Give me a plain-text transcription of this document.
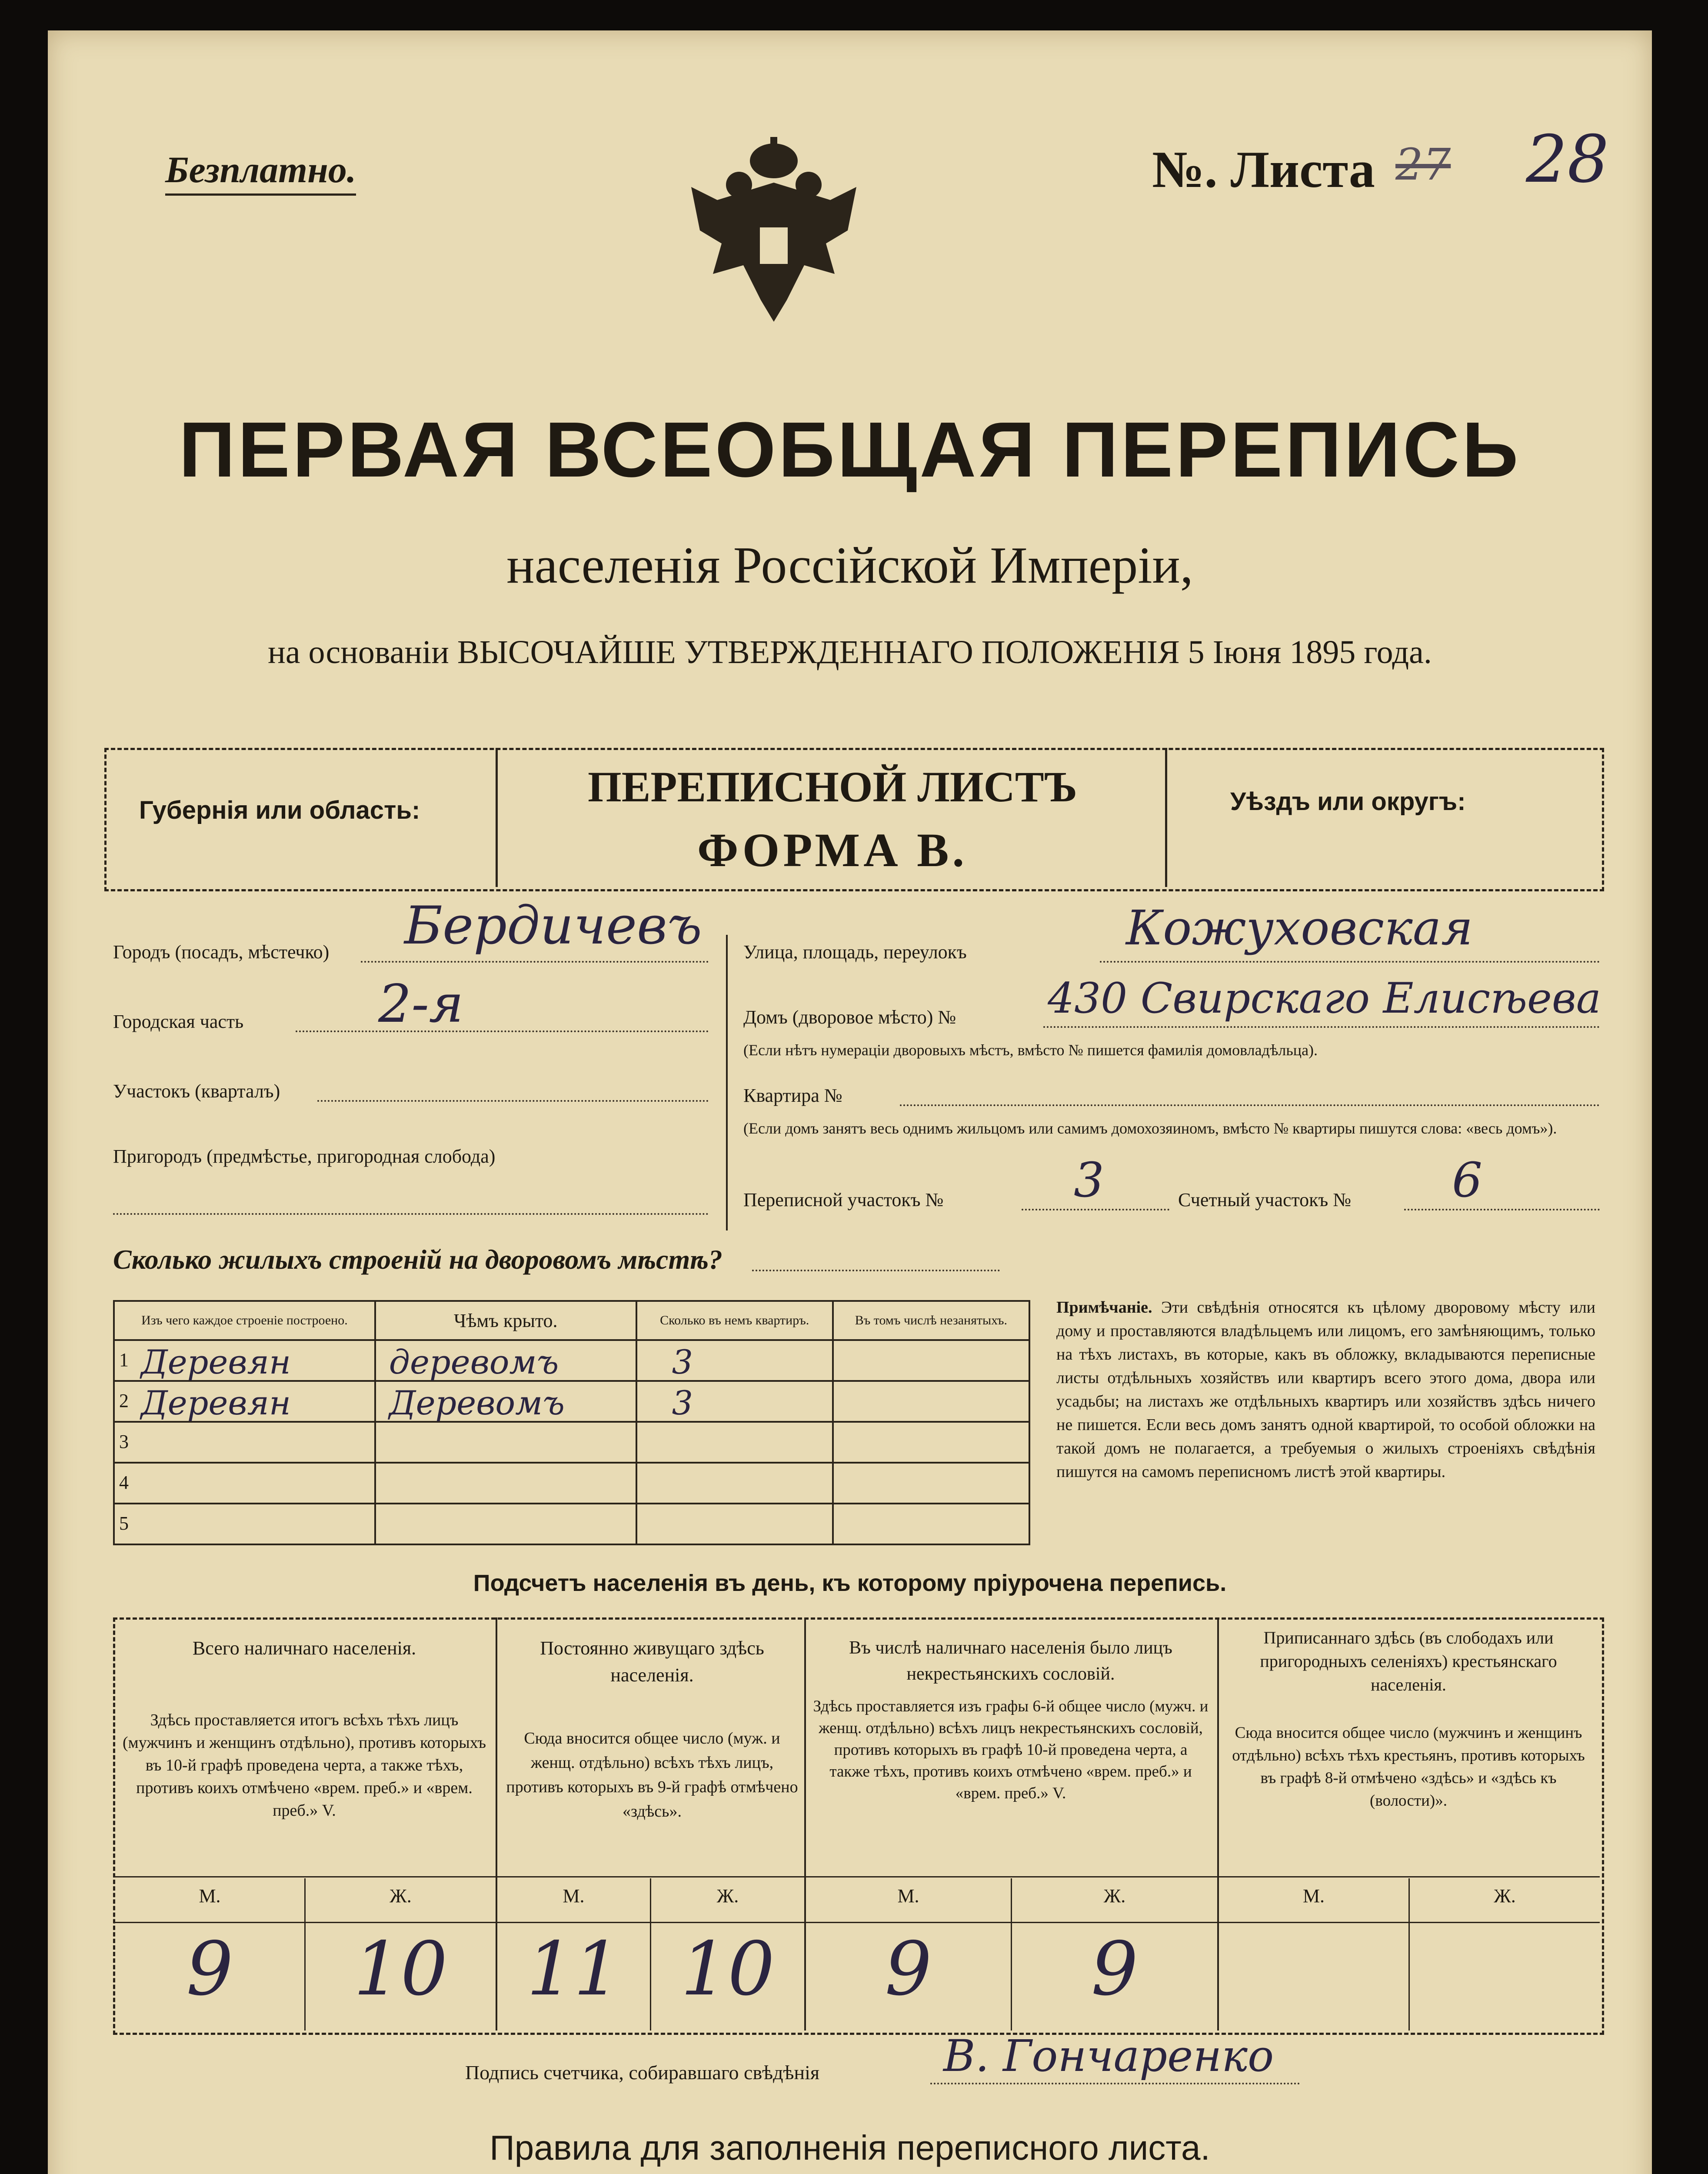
Безплатно.	№. Листа 27 28
ПЕРВАЯ ВСЕОБЩАЯ ПЕРЕПИСЬ
населенія Россійской Имперіи,
на основаніи ВЫСОЧАЙШЕ УТВЕРЖДЕННАГО ПОЛОЖЕНІЯ 5 Іюня 1895 года.
Губернія или область:	ПЕРЕПИСНОЙ ЛИСТЪ
ФОРМА В.
Уѣздъ или округъ:
Городъ (посадъ, мѣстечко) Бердичевъ
Городская часть	2-я
Участокъ (кварталъ)
Пригородъ (предмѣстье, пригородная слобода)
Улица, площадь, переулокъ	Кожуховская
Домъ (дворовое мѣсто) № 430 Свирскаго Елисѣева
(Если нѣтъ нумераціи дворовыхъ мѣстъ, вмѣсто № пишется фамилія домовладѣльца).
Квартира №
(Если домъ занятъ весь однимъ жильцомъ или самимъ домохозяиномъ, вмѣсто № квартиры пишутся слова: «весь домъ»).
Переписной участокъ №	3	Счетный участокъ № 6
Сколько жилыхъ строеній на дворовомъ мѣстѣ?
Изъ чего каждое строеніе построено.	Чѣмъ крыто.	Сколько въ немъ квартиръ.	Въ томъ числѣ незанятыхъ.

1 Деревян	деревомъ	3	

2 Деревян	Деревомъ	3	

3			

4			

5			

Примѣчаніе. Эти свѣдѣнія относятся къ цѣлому дворовому мѣсту или дому и проставляются владѣльцемъ или лицомъ, его замѣняющимъ, только на тѣхъ листахъ, въ которые, какъ въ обложку, вкладываются переписные листы отдѣльныхъ хозяйствъ или квартиръ всего этого дома, двора или усадьбы; на листахъ же отдѣльныхъ квартиръ или хозяйствъ здѣсь ничего не пишется. Если весь домъ занятъ одной квартирой, то особой обложки на такой домъ не полагается, а требуемыя о жилыхъ строеніяхъ свѣдѣнія пишутся на самомъ переписномъ листѣ этой квартиры.
Подсчетъ населенія въ день, къ которому пріурочена перепись.
Всего наличнаго населенія.
Здѣсь проставляется итогъ всѣхъ тѣхъ лицъ (мужчинъ и женщинъ отдѣльно), противъ которыхъ въ 10-й графѣ проведена черта, а также тѣхъ, противъ коихъ отмѣчено «врем. преб.» и «врем. преб.» V.
М.	Ж.
9	10
Постоянно живущаго здѣсь населенія.
Сюда вносится общее число (муж. и женщ. отдѣльно) всѣхъ тѣхъ лицъ, противъ которыхъ въ 9-й графѣ отмѣчено «здѣсь».
М.	Ж.
11 10
Въ числѣ наличнаго населенія было лицъ некрестьянскихъ сословій.
Здѣсь проставляется изъ графы 6-й общее число (мужч. и женщ. отдѣльно) всѣхъ лицъ некрестьянскихъ сословій, противъ которыхъ въ графѣ 10-й проведена черта, а также тѣхъ, противъ коихъ отмѣчено «врем. преб.» и «врем. преб.» V.
М.	Ж.
9	9
Приписаннаго здѣсь (въ слободахъ или пригородныхъ селеніяхъ) крестьянскаго населенія.
Сюда вносится общее число (мужчинъ и женщинъ отдѣльно) всѣхъ тѣхъ крестьянъ, противъ которыхъ въ графѣ 8-й отмѣчено «здѣсь» и «здѣсь къ (волости)».
М.	Ж.
Подпись счетчика, собиравшаго свѣдѣнія	В. Гончаренко
Правила для заполненія переписного листа.
